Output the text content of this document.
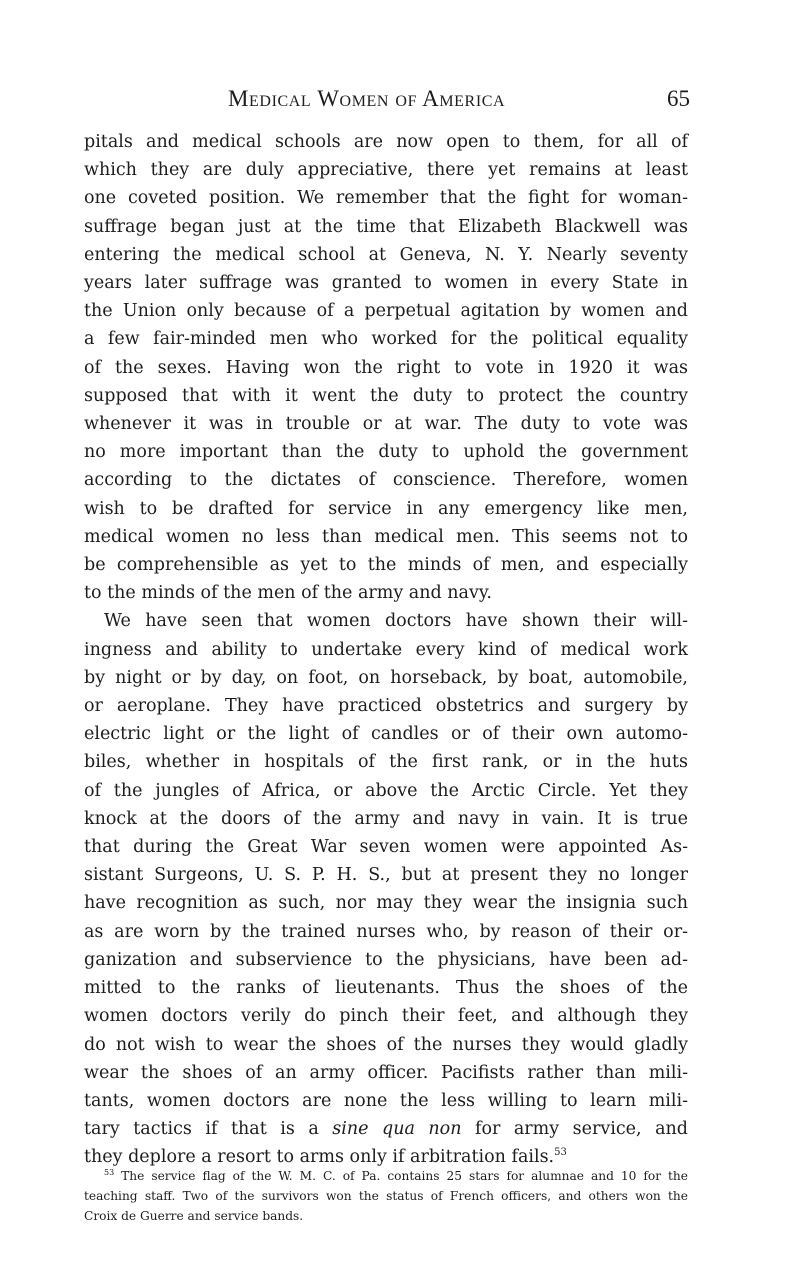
Medical Women of America	65
pitals and medical schools are now open to them, for all of
which they are duly appreciative, there yet remains at least
one coveted position. We remember that the fight for woman-
suffrage began just at the time that Elizabeth Blackwell was
entering the medical school at Geneva, N. Y. Nearly seventy
years later suffrage was granted to women in every State in
the Union only because of a perpetual agitation by women and
a few fair-minded men who worked for the political equality
of the sexes. Having won the right to vote in 1920 it was
supposed that with it went the duty to protect the country
whenever it was in trouble or at war. The duty to vote was
no more important than the duty to uphold the government
according to the dictates of conscience. Therefore, women
wish to be drafted for service in any emergency like men,
medical women no less than medical men. This seems not to
be comprehensible as yet to the minds of men, and especially
to the minds of the men of the army and navy.
We have seen that women doctors have shown their will-
ingness and ability to undertake every kind of medical work
by night or by day, on foot, on horseback, by boat, automobile,
or aeroplane. They have practiced obstetrics and surgery by
electric light or the light of candles or of their own automo-
biles, whether in hospitals of the first rank, or in the huts
of the jungles of Africa, or above the Arctic Circle. Yet they
knock at the doors of the army and navy in vain. It is true
that during the Great War seven women were appointed As-
sistant Surgeons, U. S. P. H. S., but at present they no longer
have recognition as such, nor may they wear the insignia such
as are worn by the trained nurses who, by reason of their or-
ganization and subservience to the physicians, have been ad-
mitted to the ranks of lieutenants. Thus the shoes of the
women doctors verily do pinch their feet, and although they
do not wish to wear the shoes of the nurses they would gladly
wear the shoes of an army officer. Pacifists rather than mili-
tants, women doctors are none the less willing to learn mili-
tary tactics if that is a sine qua non for army service, and
they deplore a resort to arms only if arbitration fails.$^{53}$
$^{53}$ The service flag of the W. M. C. of Pa. contains 25 stars for alumnae and 10 for the
teaching staff. Two of the survivors won the status of French officers, and others won the
Croix de Guerre and service bands.
